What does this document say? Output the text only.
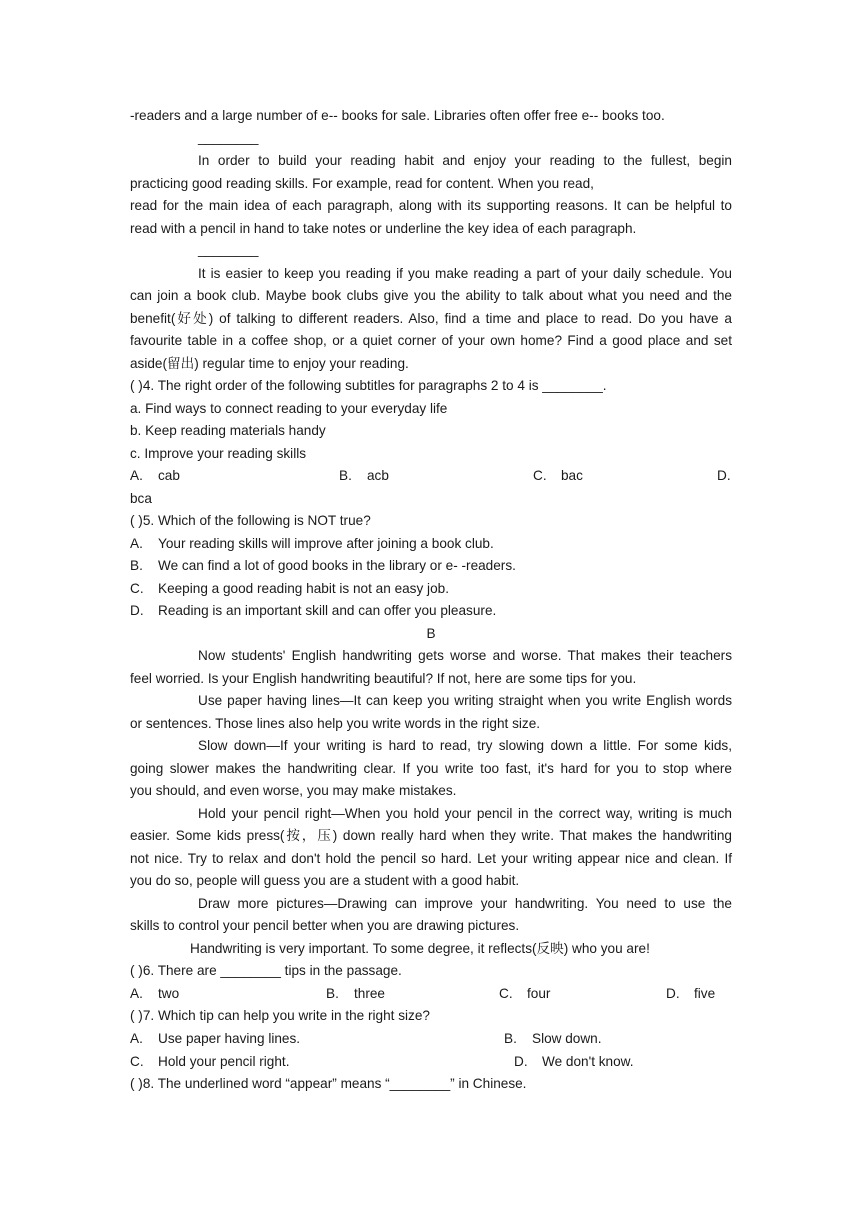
-readers and a large number of e-- books for sale. Libraries often offer free e-- books too.
________
In order to build your reading habit and enjoy your reading to the fullest, begin
practicing good reading skills. For example, read for content. When you read,
read for the main idea of each paragraph, along with its supporting reasons. It can be helpful to
read with a pencil in hand to take notes or underline the key idea of each paragraph.
________
It is easier to keep you reading if you make reading a part of your daily schedule. You
can join a book club. Maybe book clubs give you the ability to talk about what you need and the
benefit(好处) of talking to different readers. Also, find a time and place to read. Do you have a
favourite table in a coffee shop, or a quiet corner of your own home? Find a good place and set
aside(留出) regular time to enjoy your reading.
( )4. The right order of the following subtitles for paragraphs 2 to 4 is ________.
a. Find ways to connect reading to your everyday life
b. Keep reading materials handy
c. Improve your reading skills
A. cab	B. acb	C. bac	D.
bca
( )5. Which of the following is NOT true?
A. Your reading skills will improve after joining a book club.
B. We can find a lot of good books in the library or e- -readers.
C. Keeping a good reading habit is not an easy job.
D. Reading is an important skill and can offer you pleasure.
B
Now students' English handwriting gets worse and worse. That makes their teachers
feel worried. Is your English handwriting beautiful? If not, here are some tips for you.
Use paper having lines—It can keep you writing straight when you write English words
or sentences. Those lines also help you write words in the right size.
Slow down—If your writing is hard to read, try slowing down a little. For some kids,
going slower makes the handwriting clear. If you write too fast, it's hard for you to stop where
you should, and even worse, you may make mistakes.
Hold your pencil right—When you hold your pencil in the correct way, writing is much
easier. Some kids press(按，压) down really hard when they write. That makes the handwriting
not nice. Try to relax and don't hold the pencil so hard. Let your writing appear nice and clean. If
you do so, people will guess you are a student with a good habit.
Draw more pictures—Drawing can improve your handwriting. You need to use the
skills to control your pencil better when you are drawing pictures.
Handwriting is very important. To some degree, it reflects(反映) who you are!
( )6. There are ________ tips in the passage.
A. two	B. three	C. four	D. five
( )7. Which tip can help you write in the right size?
A. Use paper having lines.	B. Slow down.
C. Hold your pencil right.	D. We don't know.
( )8. The underlined word “appear” means “________” in Chinese.
